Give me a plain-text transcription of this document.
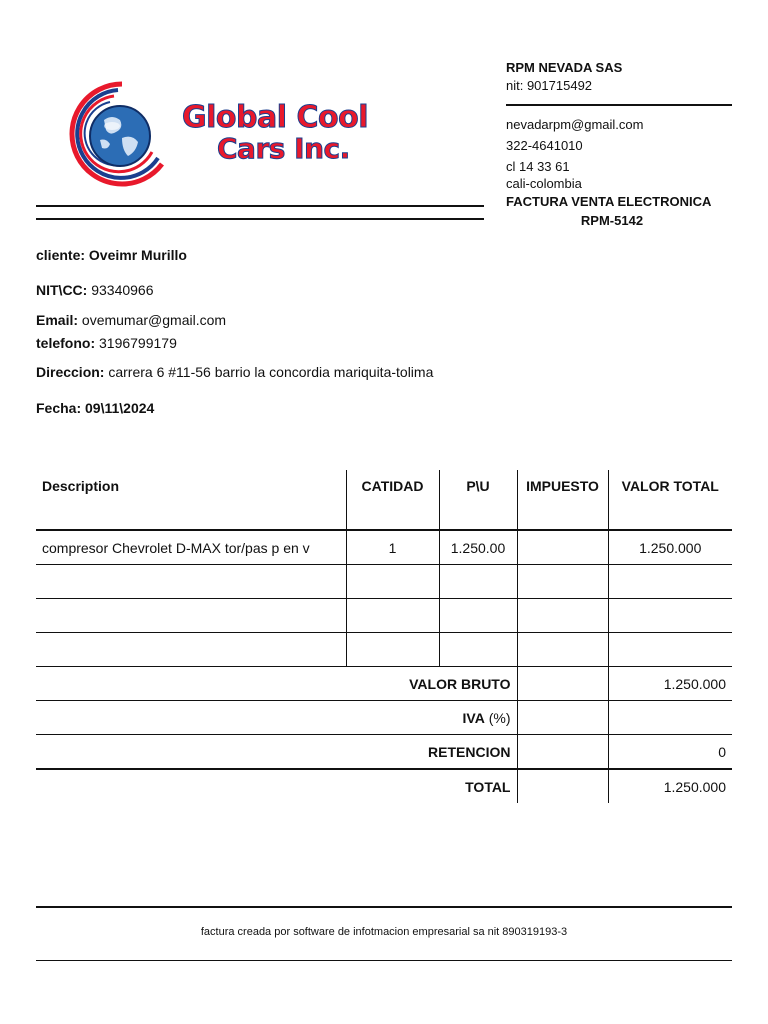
Global Cool
Cars Inc.
RPM NEVADA SAS
nit: 901715492
nevadarpm@gmail.com
322-4641010
cl 14 33 61
cali-colombia
FACTURA VENTA ELECTRONICA
RPM-5142
cliente: Oveimr Murillo
NIT\CC: 93340966
Email: ovemumar@gmail.com
telefono: 3196799179
Direccion: carrera 6 #11-56 barrio la concordia mariquita-tolima
Fecha: 09\11\2024
Description	CATIDAD	P\U	IMPUESTO	VALOR TOTAL
compresor Chevrolet D-MAX tor/pas p en v	1	1.250.00		1.250.000

VALOR BRUTO				1.250.000
IVA (%)				
RETENCION				0
TOTAL				1.250.000
factura creada por software de infotmacion empresarial sa nit 890319193-3
